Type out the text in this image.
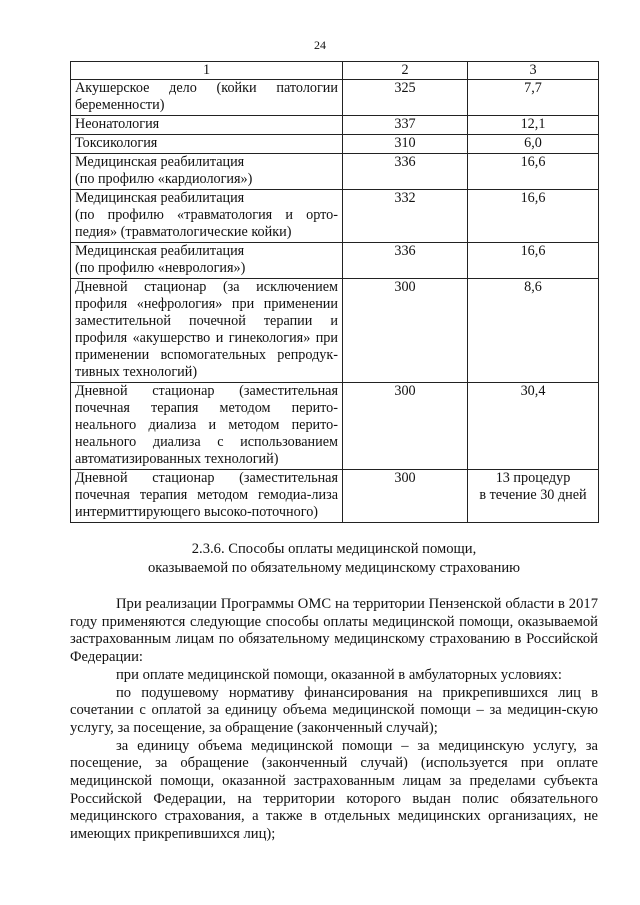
24
1	2	3
Акушерское дело (койки патологии беременности)	325	7,7
Неонатология	337	12,1
Токсикология	310	6,0
Медицинская реабилитация
(по профилю «кардиология»)	336	16,6
Медицинская реабилитация
(по профилю «травматология и орто-педия» (травматологические койки)	332	16,6
Медицинская реабилитация
(по профилю «неврология»)	336	16,6
Дневной стационар (за исключением профиля «нефрология» при применении заместительной почечной терапии и профиля «акушерство и гинекология» при применении вспомогательных репродук-тивных технологий)	300	8,6
Дневной стационар (заместительная почечная терапия методом перито-неального диализа и методом перито-неального диализа с использованием автоматизированных технологий)	300	30,4
Дневной стационар (заместительная почечная терапия методом гемодиа-лиза интермиттирующего высоко-поточного)	300	13 процедур
в течение 30 дней
2.3.6. Способы оплаты медицинской помощи,
оказываемой по обязательному медицинскому страхованию

При реализации Программы ОМС на территории Пензенской области в 2017 году применяются следующие способы оплаты медицинской помощи, оказываемой застрахованным лицам по обязательному медицинскому страхованию в Российской Федерации:

при оплате медицинской помощи, оказанной в амбулаторных условиях:

по подушевому нормативу финансирования на прикрепившихся лиц в сочетании с оплатой за единицу объема медицинской помощи – за медицин-скую услугу, за посещение, за обращение (законченный случай);

за единицу объема медицинской помощи – за медицинскую услугу, за посещение, за обращение (законченный случай) (используется при оплате медицинской помощи, оказанной застрахованным лицам за пределами субъекта Российской Федерации, на территории которого выдан полис обязательного медицинского страхования, а также в отдельных медицинских организациях, не имеющих прикрепившихся лиц);
